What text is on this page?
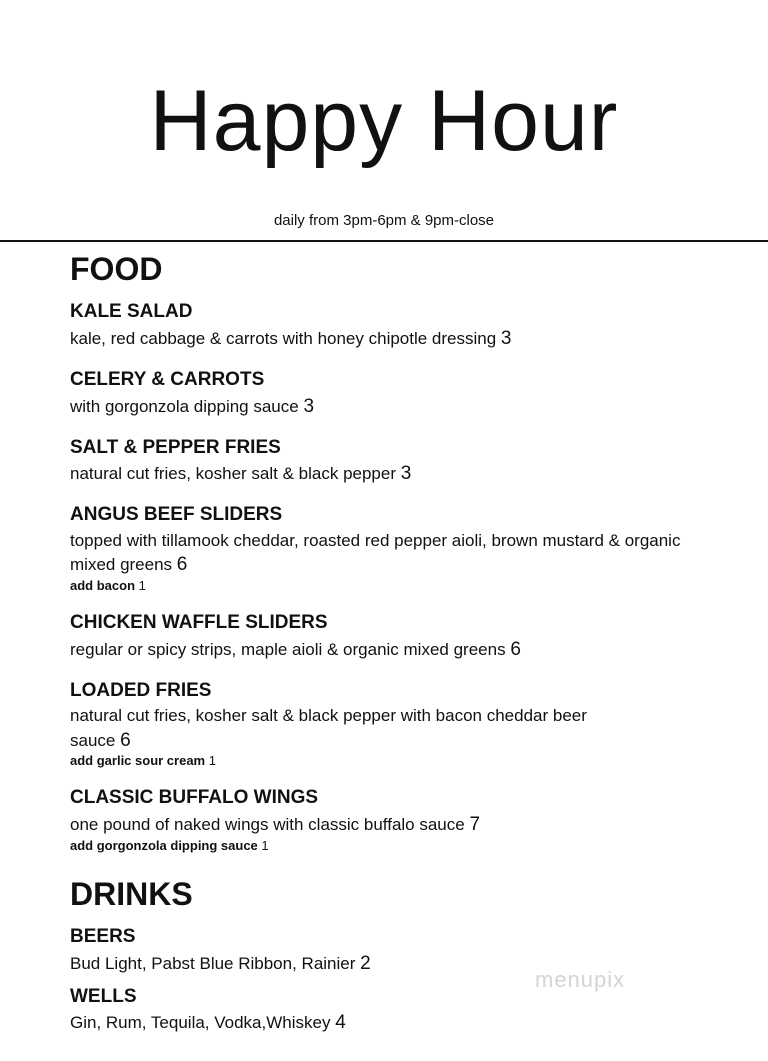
Happy Hour
daily from 3pm-6pm & 9pm-close
FOOD
KALE SALAD
kale, red cabbage & carrots with honey chipotle dressing 3
CELERY & CARROTS
with gorgonzola dipping sauce 3
SALT & PEPPER FRIES
natural cut fries, kosher salt & black pepper 3
ANGUS BEEF SLIDERS
topped with tillamook cheddar, roasted red pepper aioli, brown mustard & organic mixed greens 6
add bacon 1
CHICKEN WAFFLE SLIDERS
regular or spicy strips, maple aioli & organic mixed greens 6
LOADED FRIES
natural cut fries, kosher salt & black pepper with bacon cheddar beer sauce 6
add garlic sour cream 1
CLASSIC BUFFALO WINGS
one pound of naked wings with classic buffalo sauce 7
add gorgonzola dipping sauce 1
DRINKS
BEERS
Bud Light, Pabst Blue Ribbon, Rainier 2
WELLS
Gin, Rum, Tequila, Vodka,Whiskey 4
menupix
